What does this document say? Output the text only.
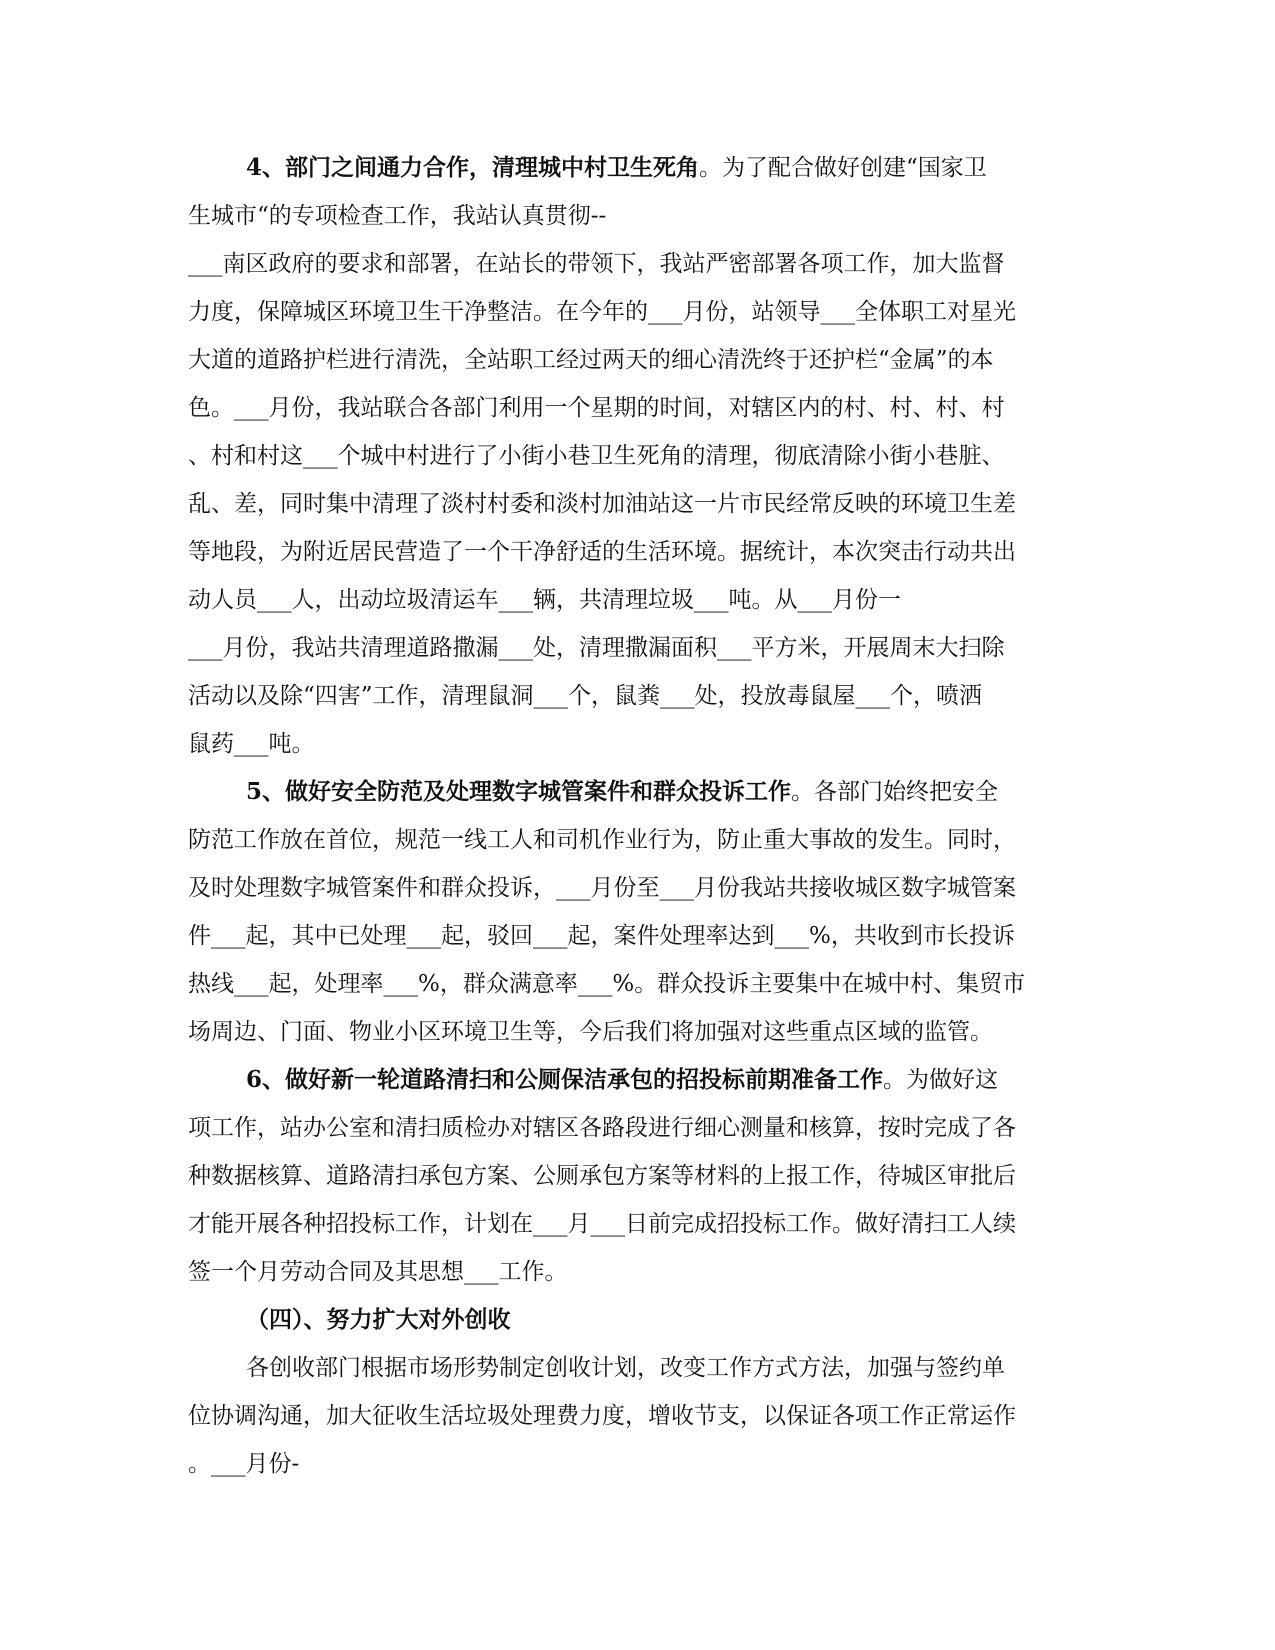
4、部门之间通力合作，清理城中村卫生死角。为了配合做好创建“国家卫
生城市“的专项检查工作，我站认真贯彻--
___南区政府的要求和部署，在站长的带领下，我站严密部署各项工作，加大监督
力度，保障城区环境卫生干净整洁。在今年的___月份，站领导___全体职工对星光
大道的道路护栏进行清洗，全站职工经过两天的细心清洗终于还护栏“金属”的本
色。___月份，我站联合各部门利用一个星期的时间，对辖区内的村、村、村、村
、村和村这___个城中村进行了小街小巷卫生死角的清理，彻底清除小街小巷脏、
乱、差，同时集中清理了淡村村委和淡村加油站这一片市民经常反映的环境卫生差
等地段，为附近居民营造了一个干净舒适的生活环境。据统计，本次突击行动共出
动人员___人，出动垃圾清运车___辆，共清理垃圾___吨。从___月份一
___月份，我站共清理道路撒漏___处，清理撒漏面积___平方米，开展周末大扫除
活动以及除“四害”工作，清理鼠洞___个，鼠粪___处，投放毒鼠屋___个，喷洒
鼠药___吨。
5、做好安全防范及处理数字城管案件和群众投诉工作。各部门始终把安全
防范工作放在首位，规范一线工人和司机作业行为，防止重大事故的发生。同时，
及时处理数字城管案件和群众投诉，___月份至___月份我站共接收城区数字城管案
件___起，其中已处理___起，驳回___起，案件处理率达到___%，共收到市长投诉
热线___起，处理率___%，群众满意率___%。群众投诉主要集中在城中村、集贸市
场周边、门面、物业小区环境卫生等，今后我们将加强对这些重点区域的监管。
6、做好新一轮道路清扫和公厕保洁承包的招投标前期准备工作。为做好这
项工作，站办公室和清扫质检办对辖区各路段进行细心测量和核算，按时完成了各
种数据核算、道路清扫承包方案、公厕承包方案等材料的上报工作，待城区审批后
才能开展各种招投标工作，计划在___月___日前完成招投标工作。做好清扫工人续
签一个月劳动合同及其思想___工作。
（四）、努力扩大对外创收
各创收部门根据市场形势制定创收计划，改变工作方式方法，加强与签约单
位协调沟通，加大征收生活垃圾处理费力度，增收节支，以保证各项工作正常运作
。___月份-
